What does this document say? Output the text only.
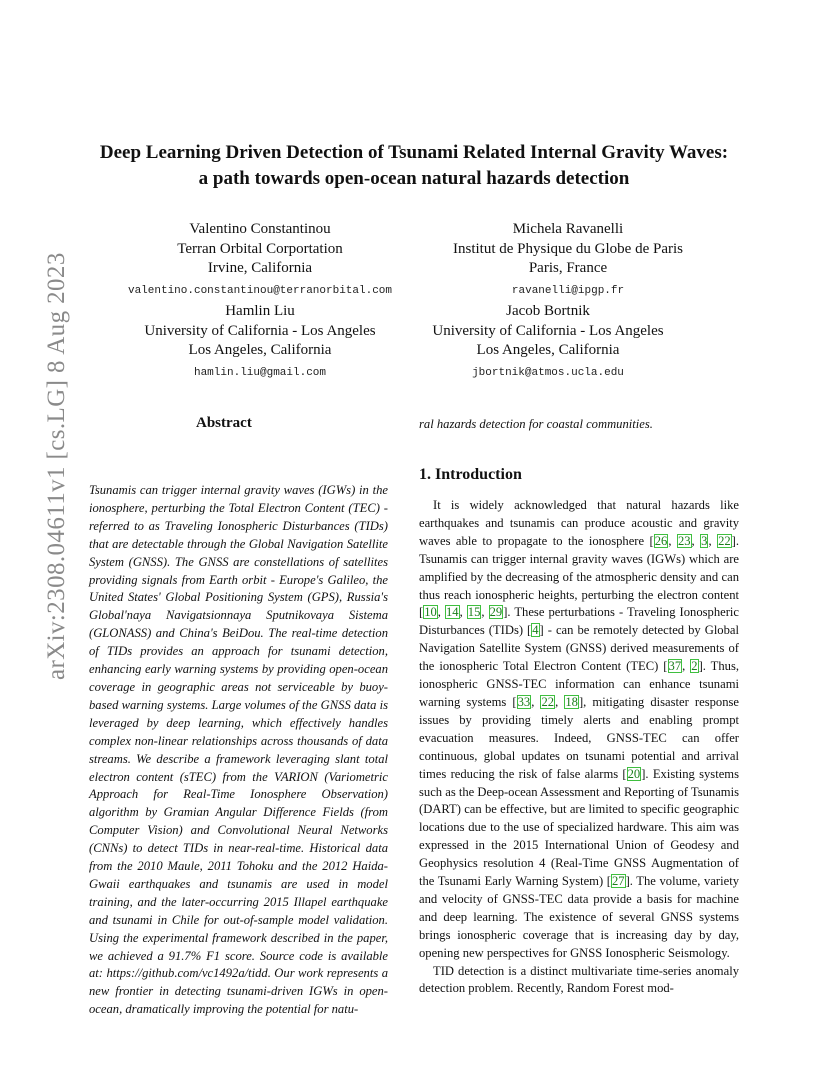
arXiv:2308.04611v1 [cs.LG] 8 Aug 2023
Deep Learning Driven Detection of Tsunami Related Internal Gravity Waves:
a path towards open-ocean natural hazards detection
Valentino Constantinou
Terran Orbital Corportation
Irvine, California
valentino.constantinou@terranorbital.com
Michela Ravanelli
Institut de Physique du Globe de Paris
Paris, France
ravanelli@ipgp.fr
Hamlin Liu
University of California - Los Angeles
Los Angeles, California
hamlin.liu@gmail.com
Jacob Bortnik
University of California - Los Angeles
Los Angeles, California
jbortnik@atmos.ucla.edu
Abstract

Tsunamis can trigger internal gravity waves (IGWs) in the ionosphere, perturbing the Total Electron Content (TEC) - referred to as Traveling Ionospheric Disturbances (TIDs) that are detectable through the Global Navigation Satellite System (GNSS). The GNSS are constellations of satellites providing signals from Earth orbit - Europe's Galileo, the United States' Global Positioning System (GPS), Russia's Global'naya Navigatsionnaya Sputnikovaya Sistema (GLONASS) and China's BeiDou. The real-time detection of TIDs provides an approach for tsunami detection, enhancing early warning systems by providing open-ocean coverage in geographic areas not serviceable by buoy-based warning systems. Large volumes of the GNSS data is leveraged by deep learning, which effectively handles complex non-linear relationships across thousands of data streams. We describe a framework leveraging slant total electron content (sTEC) from the VARION (Variometric Approach for Real-Time Ionosphere Observation) algorithm by Gramian Angular Difference Fields (from Computer Vision) and Convolutional Neural Networks (CNNs) to detect TIDs in near-real-time. Historical data from the 2010 Maule, 2011 Tohoku and the 2012 Haida-Gwaii earthquakes and tsunamis are used in model training, and the later-occurring 2015 Illapel earthquake and tsunami in Chile for out-of-sample model validation. Using the experimental framework described in the paper, we achieved a 91.7% F1 score. Source code is available at: https://github.com/vc1492a/tidd. Our work represents a new frontier in detecting tsunami-driven IGWs in open-ocean, dramatically improving the potential for natu-

ral hazards detection for coastal communities.
1. Introduction

It is widely acknowledged that natural hazards like earthquakes and tsunamis can produce acoustic and gravity waves able to propagate to the ionosphere [26, 23, 3, 22]. Tsunamis can trigger internal gravity waves (IGWs) which are amplified by the decreasing of the atmospheric density and can thus reach ionospheric heights, perturbing the electron content [10, 14, 15, 29]. These perturbations - Traveling Ionospheric Disturbances (TIDs) [4] - can be remotely detected by Global Navigation Satellite System (GNSS) derived measurements of the ionospheric Total Electron Content (TEC) [37, 2]. Thus, ionospheric GNSS-TEC information can enhance tsunami warning systems [33, 22, 18], mitigating disaster response issues by providing timely alerts and enabling prompt evacuation measures. Indeed, GNSS-TEC can offer continuous, global updates on tsunami potential and arrival times reducing the risk of false alarms [20]. Existing systems such as the Deep-ocean Assessment and Reporting of Tsunamis (DART) can be effective, but are limited to specific geographic locations due to the use of specialized hardware. This aim was expressed in the 2015 International Union of Geodesy and Geophysics resolution 4 (Real-Time GNSS Augmentation of the Tsunami Early Warning System) [27]. The volume, variety and velocity of GNSS-TEC data provide a basis for machine and deep learning. The existence of several GNSS systems brings ionospheric coverage that is increasing day by day, opening new perspectives for GNSS Ionospheric Seismology.

TID detection is a distinct multivariate time-series anomaly detection problem. Recently, Random Forest mod-
